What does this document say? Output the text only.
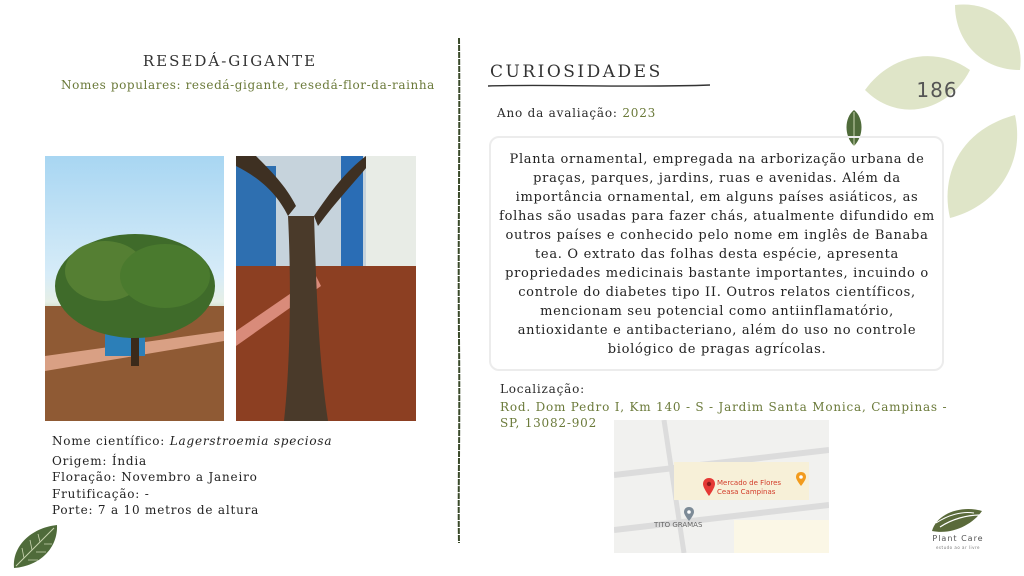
186
RESEDÁ-GIGANTE
Nomes populares: resedá-gigante, resedá-flor-da-rainha
Nome científico: Lagerstroemia speciosa
Origem: Índia
Floração: Novembro a Janeiro
Frutificação: -
Porte: 7 a 10 metros de altura
CURIOSIDADES
Ano da avaliação: 2023
Planta ornamental, empregada na arborização urbana de praças, parques, jardins, ruas e avenidas. Além da importância ornamental, em alguns países asiáticos, as folhas são usadas para fazer chás, atualmente difundido em outros países e conhecido pelo nome em inglês de Banaba tea. O extrato das folhas desta espécie, apresenta propriedades medicinais bastante importantes, incuindo o controle do diabetes tipo II. Outros relatos científicos, mencionam seu potencial como antiinflamatório, antioxidante e antibacteriano, além do uso no controle biológico de pragas agrícolas.
Localização:
Rod. Dom Pedro I, Km 140 - S - Jardim Santa Monica, Campinas - SP, 13082-902
Mercado de Flores
Ceasa Campinas
TITO GRAMAS
Plant Care
estudo ao ar livre
